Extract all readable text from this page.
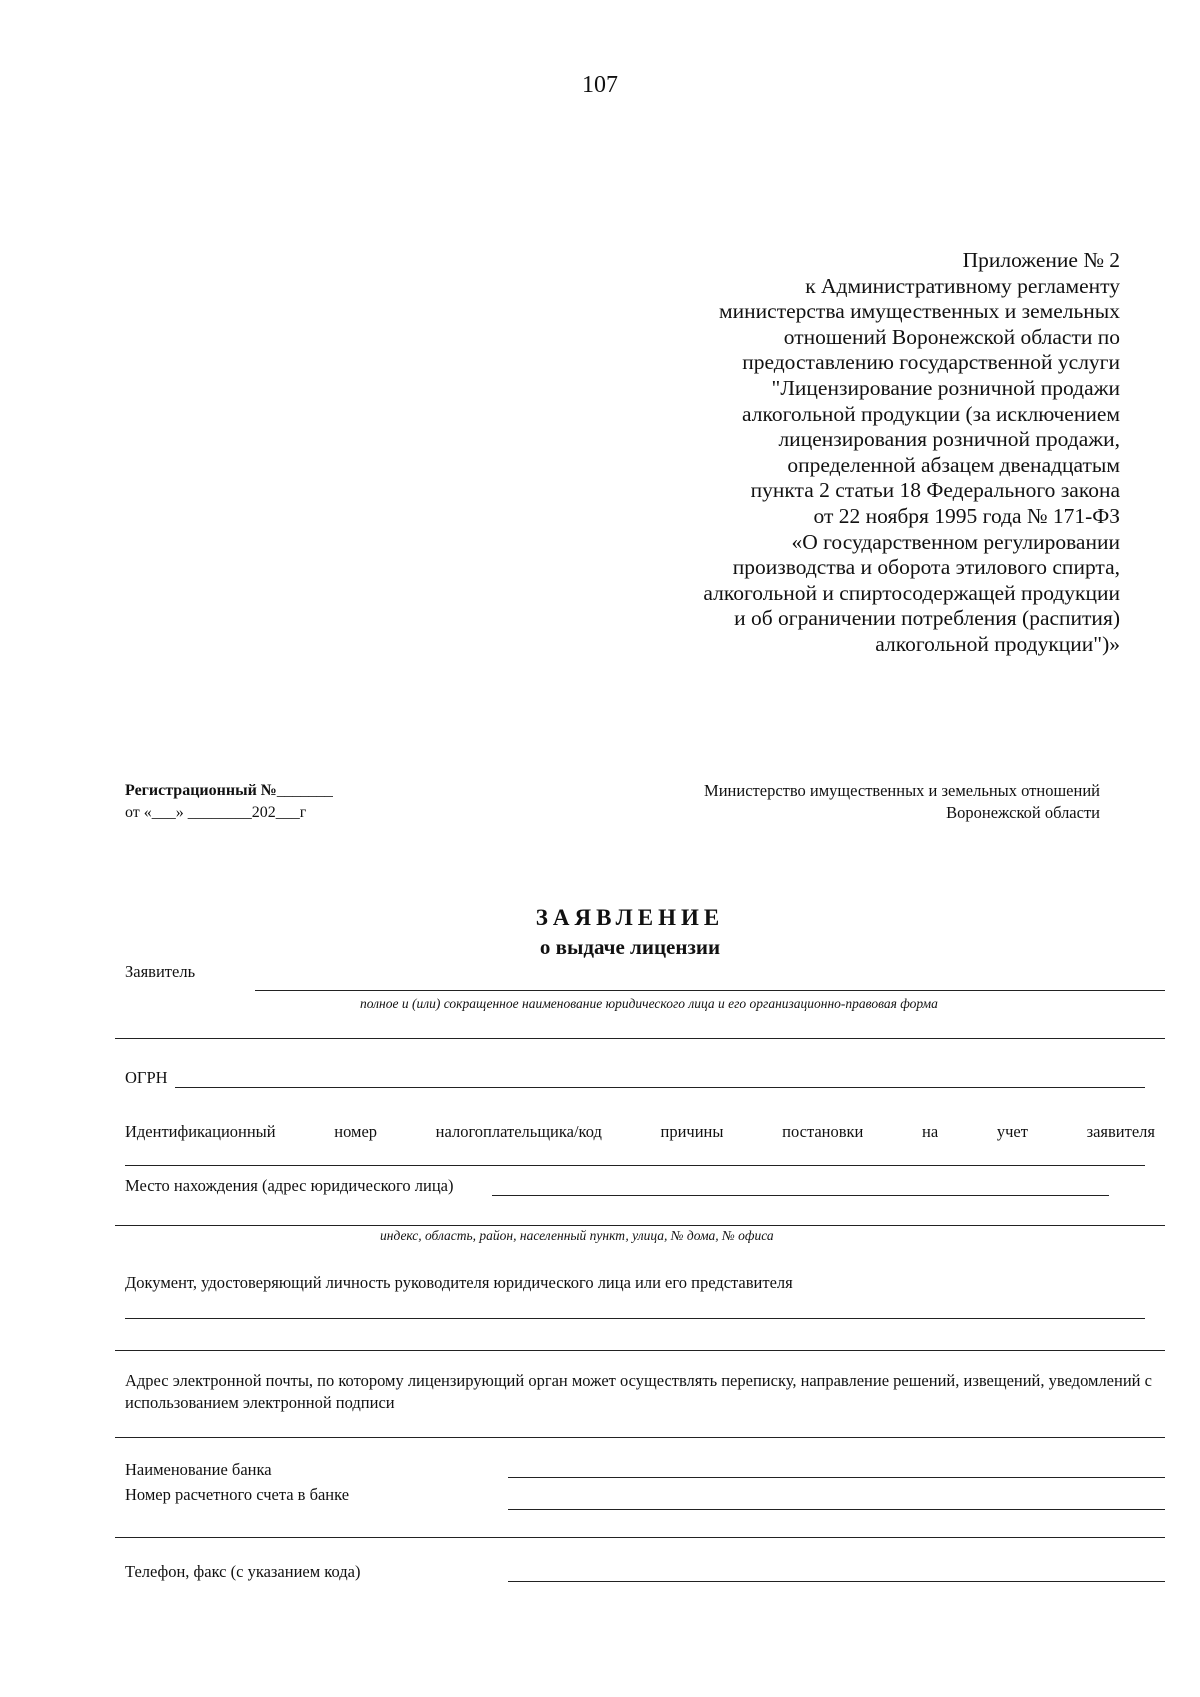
107
Приложение № 2
к Административному регламенту
министерства имущественных и земельных
отношений Воронежской области по
предоставлению государственной услуги
"Лицензирование розничной продажи
алкогольной продукции (за исключением
лицензирования розничной продажи,
определенной абзацем двенадцатым
пункта 2 статьи 18 Федерального закона
от 22 ноября 1995 года № 171-ФЗ
«О государственном регулировании
производства и оборота этилового спирта,
алкогольной и спиртосодержащей продукции
и об ограничении потребления (распития)
алкогольной продукции")»
Регистрационный №_______
от «___» ________202___г
Министерство имущественных и земельных отношений
Воронежской области
ЗАЯВЛЕНИЕ
о выдаче лицензии
Заявитель
полное и (или) сокращенное наименование юридического лица и его организационно-правовая форма
ОГРН
Идентификационный	номер	налогоплательщика/код	причины	постановки	на	учет	заявителя
Место нахождения (адрес юридического лица)
индекс, область, район, населенный пункт, улица, № дома, № офиса
Документ, удостоверяющий личность руководителя юридического лица или его представителя
Адрес электронной почты, по которому лицензирующий орган может осуществлять переписку, направление решений, извещений, уведомлений с использованием электронной подписи
Наименование банка
Номер расчетного счета в банке
Телефон, факс (с указанием кода)
